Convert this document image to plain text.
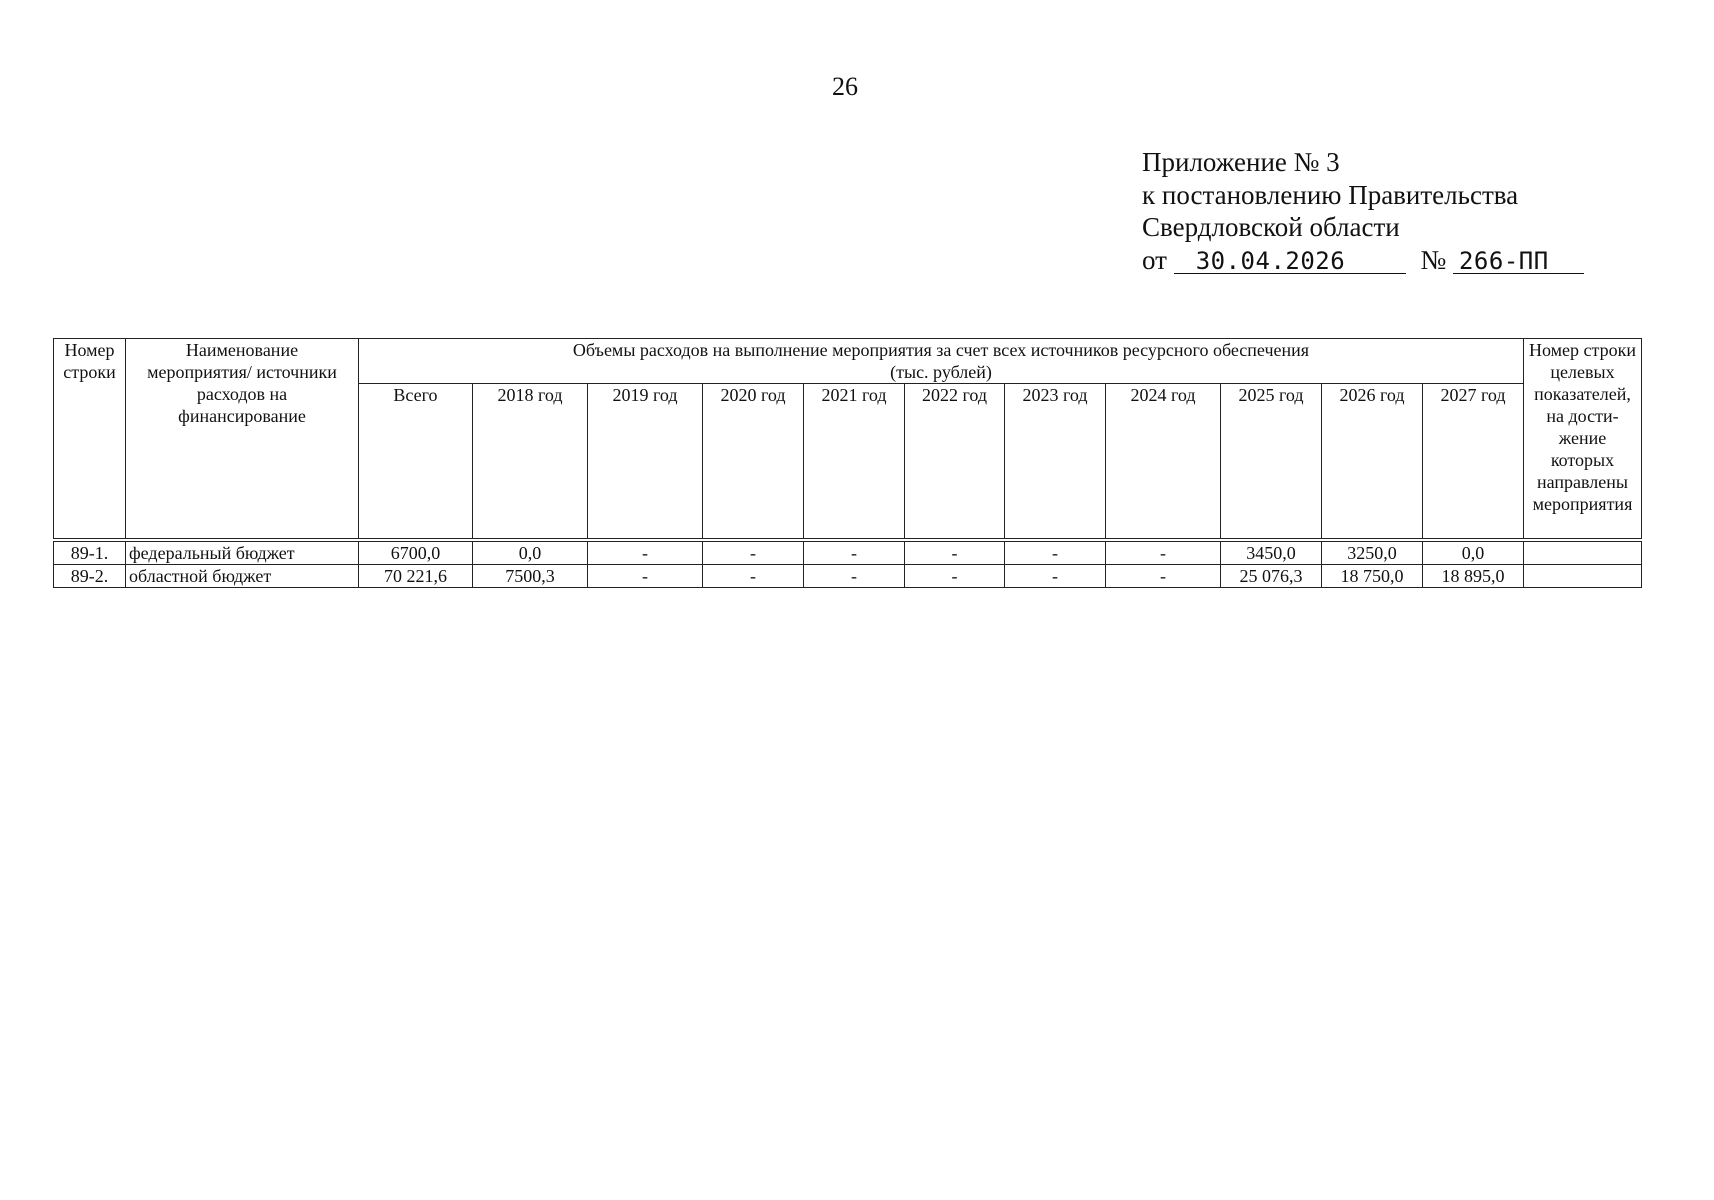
26
Приложение № 3
к постановлению Правительства
Свердловской области
от 30.04.2026	№ 266-ПП
Номер строки	Наименование мероприятия/ источники расходов на финансирование	Объемы расходов на выполнение мероприятия за счет всех источников ресурсного обеспечения
(тыс. рублей)											Номер строки целевых показателей, на дости- жение которых направлены мероприятия
		Всего	2018 год	2019 год	2020 год	2021 год	2022 год	2023 год	2024 год	2025 год	2026 год	2027 год	

89-1.	федеральный бюджет	6700,0	0,0	-	-	-	-	-	-	3450,0	3250,0	0,0	
89-2.	областной бюджет	70 221,6	7500,3	-	-	-	-	-	-	25 076,3	18 750,0	18 895,0	
